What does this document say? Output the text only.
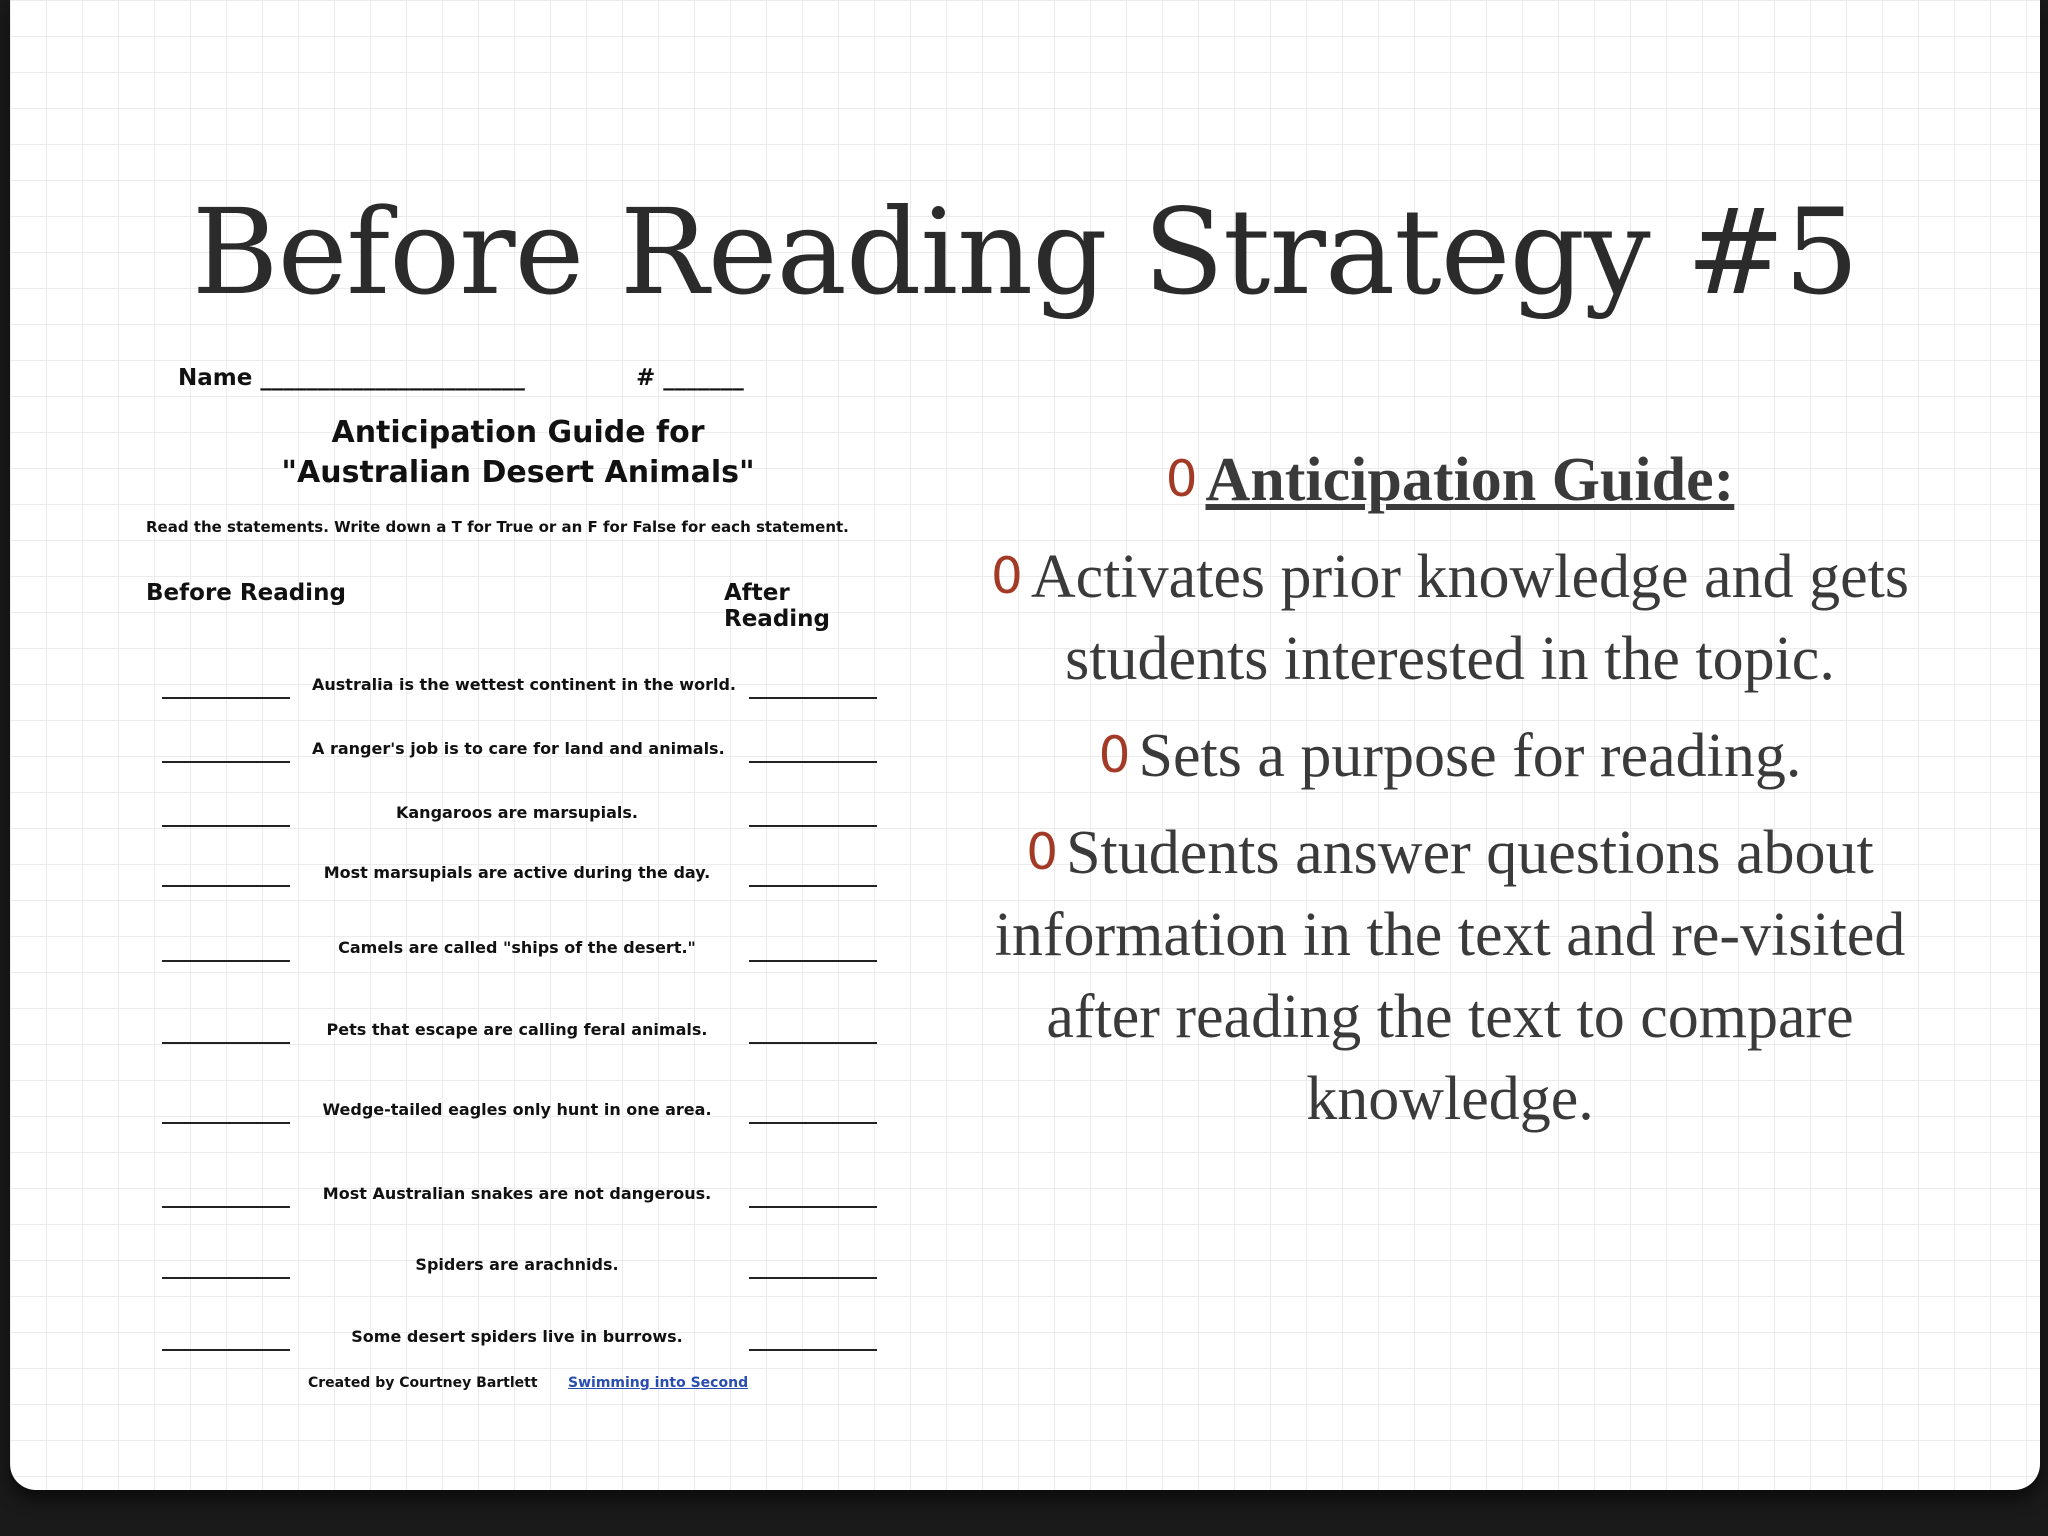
Before Reading Strategy #5
Name _______________________	# _______
Anticipation Guide for
"Australian Desert Animals"
Read the statements. Write down a T for True or an F for False for each statement.
Before Reading	After Reading
Australia is the wettest continent in the world.
A ranger's job is to care for land and animals.
Kangaroos are marsupials.
Most marsupials are active during the day.
Camels are called "ships of the desert."
Pets that escape are calling feral animals.
Wedge-tailed eagles only hunt in one area.
Most Australian snakes are not dangerous.
Spiders are arachnids.
Some desert spiders live in burrows.
Created by Courtney Bartlett Swimming into Second
0 Anticipation Guide:
0 Activates prior knowledge and gets students interested in the topic.
0 Sets a purpose for reading.
0 Students answer questions about information in the text and re-visited after reading the text to compare knowledge.
